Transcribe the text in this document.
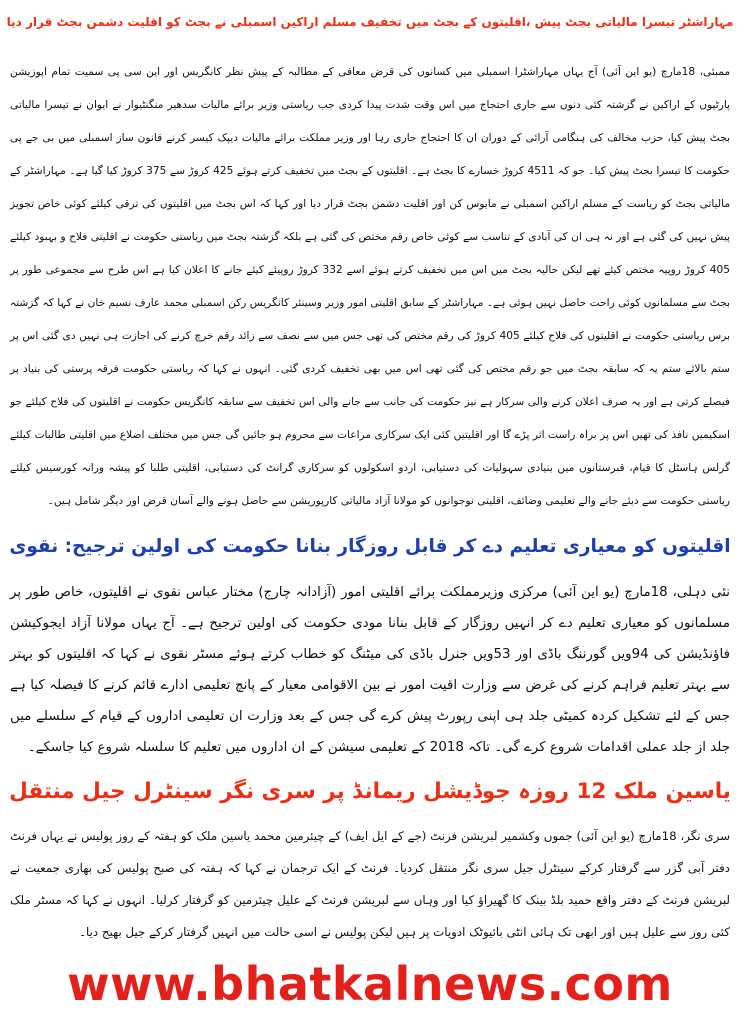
مہاراشٹر تیسرا مالیاتی بجٹ پیش ،اقلیتوں کے بجٹ میں تخفیف مسلم اراکین اسمبلی نے بجٹ کو اقلیت دشمن بجٹ قرار دیا
ممبئی، 18مارچ (یو این آئی) آج یہاں مہاراشٹرا اسمبلی میں کسانوں کی قرض معافی کے مطالبہ کے پیش نظر کانگریس اور این سی پی سمیت تمام اپوزیشن پارٹیوں کے اراکین نے گزشتہ کئی دنوں سے جاری احتجاج میں اس وقت شدت پیدا کردی جب ریاستی وزیر برائے مالیات سدھیر منگنٹیوار نے ایوان نے تیسرا مالیاتی بجٹ پیش کیا، حزب مخالف کی ہنگامی آرائی کے دوران ان کا احتجاج جاری رہا اور وزیر مملکت برائے مالیات دیپک کیسر کرنے قانون ساز اسمبلی میں بی جے پی حکومت کا تیسرا بجٹ پیش کیا۔ جو کہ 4511 کروڑ خسارے کا بجٹ ہے۔ اقلیتوں کے بجٹ میں تخفیف کرتے ہوئے 425 کروڑ سے 375 کروڑ کیا گیا ہے۔ مہاراشٹر کے مالیاتی بجٹ کو ریاست کے مسلم اراکین اسمبلی نے مایوس کن اور اقلیت دشمن بجٹ قرار دیا اور کہا کہ اس بجٹ میں اقلیتوں کی ترقی کیلئے کوئی خاص تجویز پیش نہیں کی گئی ہے اور نہ ہی ان کی آبادی کے تناسب سے کوئی خاص رقم مختص کی گئی ہے بلکہ گزشتہ بجٹ میں ریاستی حکومت نے اقلیتی فلاح و بہبود کیلئے 405 کروڑ روپیہ مختص کیئے تھے لیکن حالیہ بجٹ میں اس میں تخفیف کرتے ہوئے اسے 332 کروڑ روپیئے کیئے جانے کا اعلان کیا ہے اس طرح سے مجموعی طور پر بجٹ سے مسلمانوں کوئی راحت حاصل نہیں ہوئی ہے۔ مہاراشٹر کے سابق اقلیتی امور وزیر وسینئر کانگریس رکن اسمبلی محمد عارف نسیم خان نے کہا کہ گزشتہ برس ریاستی حکومت نے اقلیتوں کی فلاح کیلئے 405 کروڑ کی رقم مختص کی تھی جس میں سے نصف سے زائد رقم خرچ کرنے کی اجازت ہی نہیں دی گئی اس پر ستم بالائے ستم یہ کہ سابقہ بجٹ میں جو رقم مختص کی گئی تھی اس میں بھی تخفیف کردی گئی۔ انہوں نے کہا کہ ریاستی حکومت فرقہ پرستی کی بنیاد پر فیصلے کرتی ہے اور یہ صرف اعلان کرنے والی سرکار ہے نیز حکومت کی جانب سے جانے والی اس تخفیف سے سابقہ کانگریس حکومت نے اقلیتوں کی فلاح کیلئے جو اسکیمیں نافذ کی تھیں اس پر براہ راست اثر پڑے گا اور اقلیتیں کئی ایک سرکاری مراعات سے محروم ہو جائیں گی جس میں مختلف اضلاع میں اقلیتی طالبات کیلئے گرلس ہاسٹل کا قیام، قبرستانوں میں بنیادی سہولیات کی دستیابی، اردو اسکولوں کو سرکاری گرانٹ کی دستیابی، اقلیتی طلبا کو پیشہ ورانہ کورسیس کیلئے ریاستی حکومت سے دیئے جانے والے تعلیمی وضائف، اقلیتی نوجوانوں کو مولانا آزاد مالیاتی کارپوریشن سے حاصل ہونے والے آسان قرض اور دیگر شامل ہیں۔
اقلیتوں کو معیاری تعلیم دے کر قابل روزگار بنانا حکومت کی اولین ترجیح: نقوی
نئی دہلی، 18مارچ (یو این آئی) مرکزی وزیرمملکت برائے اقلیتی امور (آزادانہ چارج) مختار عباس نقوی نے اقلیتوں، خاص طور پر مسلمانوں کو معیاری تعلیم دے کر انہیں روزگار کے قابل بنانا مودی حکومت کی اولین ترجیح ہے۔ آج یہاں مولانا آزاد ایجوکیشن فاؤنڈیشن کی 94ویں گورننگ باڈی اور 53ویں جنرل باڈی کی میٹنگ کو خطاب کرتے ہوئے مسٹر نقوی نے کہا کہ اقلیتوں کو بہتر سے بہتر تعلیم فراہم کرنے کی غرض سے وزارت اقیت امور نے بین الاقوامی معیار کے پانچ تعلیمی ادارے قائم کرنے کا فیصلہ کیا ہے جس کے لئے تشکیل کردہ کمیٹی جلد ہی اپنی رپورٹ پیش کرے گی جس کے بعد وزارت ان تعلیمی اداروں کے قیام کے سلسلے میں جلد از جلد عملی اقدامات شروع کرے گی۔ تاکہ 2018 کے تعلیمی سیشن کے ان اداروں میں تعلیم کا سلسلہ شروع کیا جاسکے۔
یاسین ملک 12 روزہ جوڈیشل ریمانڈ پر سری نگر سینٹرل جیل منتقل
سری نگر، 18مارچ (یو این آئی) جموں وکشمیر لبریشن فرنٹ (جے کے ایل ایف) کے چیئرمین محمد یاسین ملک کو ہفتہ کے روز پولیس نے یہاں فرنٹ دفتر آبی گزر سے گرفتار کرکے سینٹرل جیل سری نگر منتقل کردیا۔ فرنٹ کے ایک ترجمان نے کہا کہ ہفتہ کی صبح پولیس کی بھاری جمعیت نے لبریشن فرنٹ کے دفتر واقع حمید بلڈ بینک کا گھیراؤ کیا اور وہاں سے لبریشن فرنٹ کے علیل چیئرمین کو گرفتار کرلیا۔ انہوں نے کہا کہ مسٹر ملک کئی روز سے علیل ہیں اور ابھی تک ہائی انٹی بائیوٹک ادویات پر ہیں لیکن پولیس نے اسی حالت میں انہیں گرفتار کرکے جیل بھیج دیا۔
www.bhatkalnews.com
